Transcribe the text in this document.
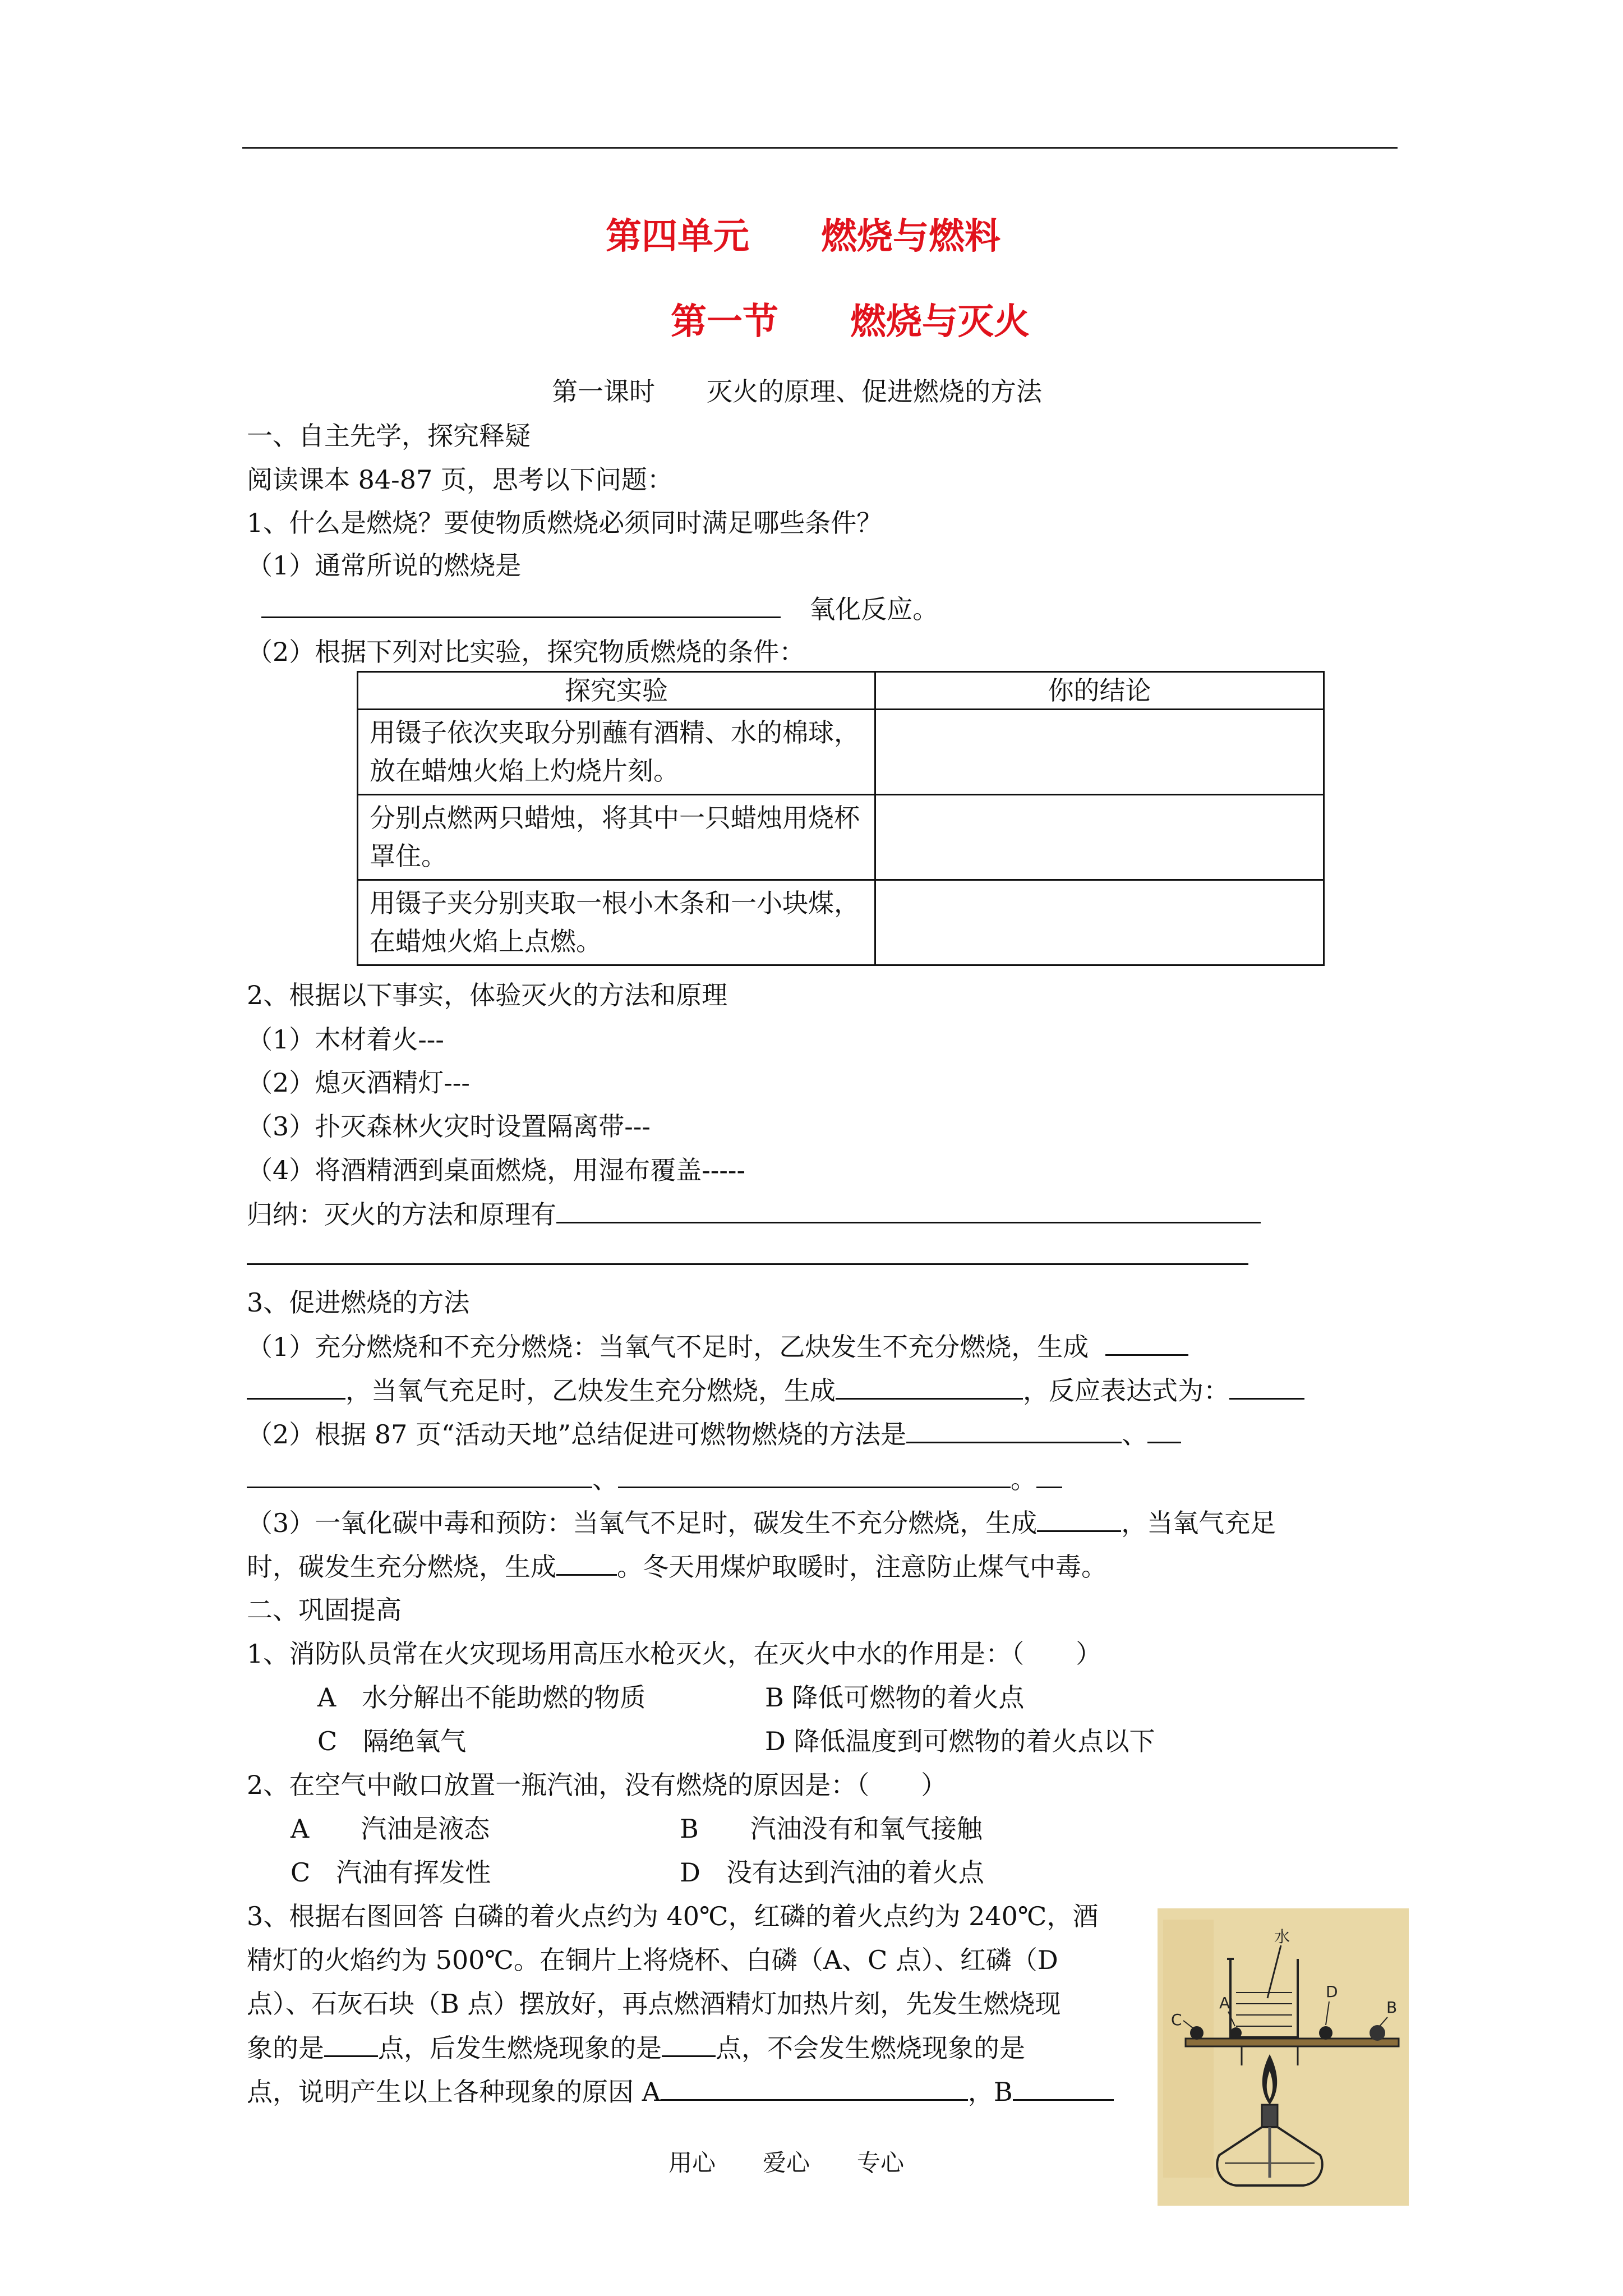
第四单元　　燃烧与燃料
第一节　　燃烧与灭火
第一课时　　灭火的原理、促进燃烧的方法
一、自主先学，探究释疑
阅读课本 84-87 页，思考以下问题：
1、什么是燃烧？要使物质燃烧必须同时满足哪些条件？
（1）通常所说的燃烧是
氧化反应。
（2）根据下列对比实验，探究物质燃烧的条件：
探究实验	你的结论
用镊子依次夹取分别蘸有酒精、水的棉球，放在蜡烛火焰上灼烧片刻。	
分别点燃两只蜡烛，将其中一只蜡烛用烧杯罩住。	
用镊子夹分别夹取一根小木条和一小块煤，在蜡烛火焰上点燃。	
2、根据以下事实，体验灭火的方法和原理
（1）木材着火---
（2）熄灭酒精灯---
（3）扑灭森林火灾时设置隔离带---
（4）将酒精洒到桌面燃烧，用湿布覆盖-----
归纳：灭火的方法和原理有
3、促进燃烧的方法
（1）充分燃烧和不充分燃烧：当氧气不足时，乙炔发生不充分燃烧，生成
，当氧气充足时，乙炔发生充分燃烧，生成	，反应表达式为：
（2）根据 87 页“活动天地”总结促进可燃物燃烧的方法是	、
、	。
（3）一氧化碳中毒和预防：当氧气不足时，碳发生不充分燃烧，生成	，当氧气充足
时，碳发生充分燃烧，生成 。冬天用煤炉取暖时，注意防止煤气中毒。
二、巩固提高
1、消防队员常在火灾现场用高压水枪灭火，在灭火中水的作用是：（　　）
A　水分解出不能助燃的物质	B 降低可燃物的着火点
C　隔绝氧气	D 降低温度到可燃物的着火点以下
2、在空气中敞口放置一瓶汽油，没有燃烧的原因是：（　　）
A　　汽油是液态	B　　汽油没有和氧气接触
C　汽油有挥发性	D　没有达到汽油的着火点
3、根据右图回答 白磷的着火点约为 40℃，红磷的着火点约为 240℃，酒
精灯的火焰约为 500℃。在铜片上将烧杯、白磷（A、C 点）、红磷（D
点）、石灰石块（B 点）摆放好，再点燃酒精灯加热片刻，先发生燃烧现
象的是 点，后发生燃烧现象的是 点，不会发生燃烧现象的是
点，说明产生以上各种现象的原因 A	，B
水
C
A
D
B
用心　　爱心　　专心
